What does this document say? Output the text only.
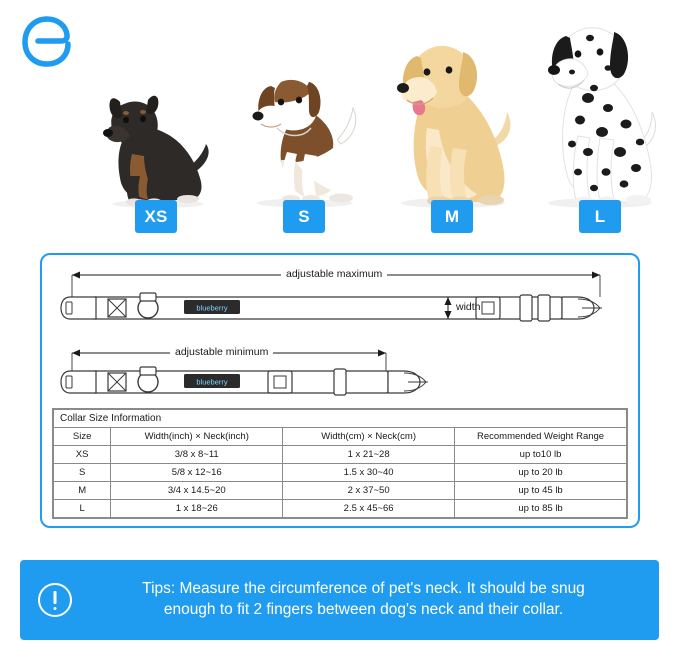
XS	S	M	L
blueberry
adjustable maximum
width
blueberry
adjustable minimum
Collar Size Information			
Size	Width(inch) × Neck(inch)	Width(cm) × Neck(cm)	Recommended Weight Range
XS	3/8 x 8~11	1 x 21~28	up to10 lb
S	5/8 x 12~16	1.5 x 30~40	up to 20 lb
M	3/4 x 14.5~20	2 x 37~50	up to 45 lb
L	1 x 18~26	2.5 x 45~66	up to 85 lb
Tips: Measure the circumference of pet's neck. It should be snug
enough to fit 2 fingers between dog's neck and their collar.
